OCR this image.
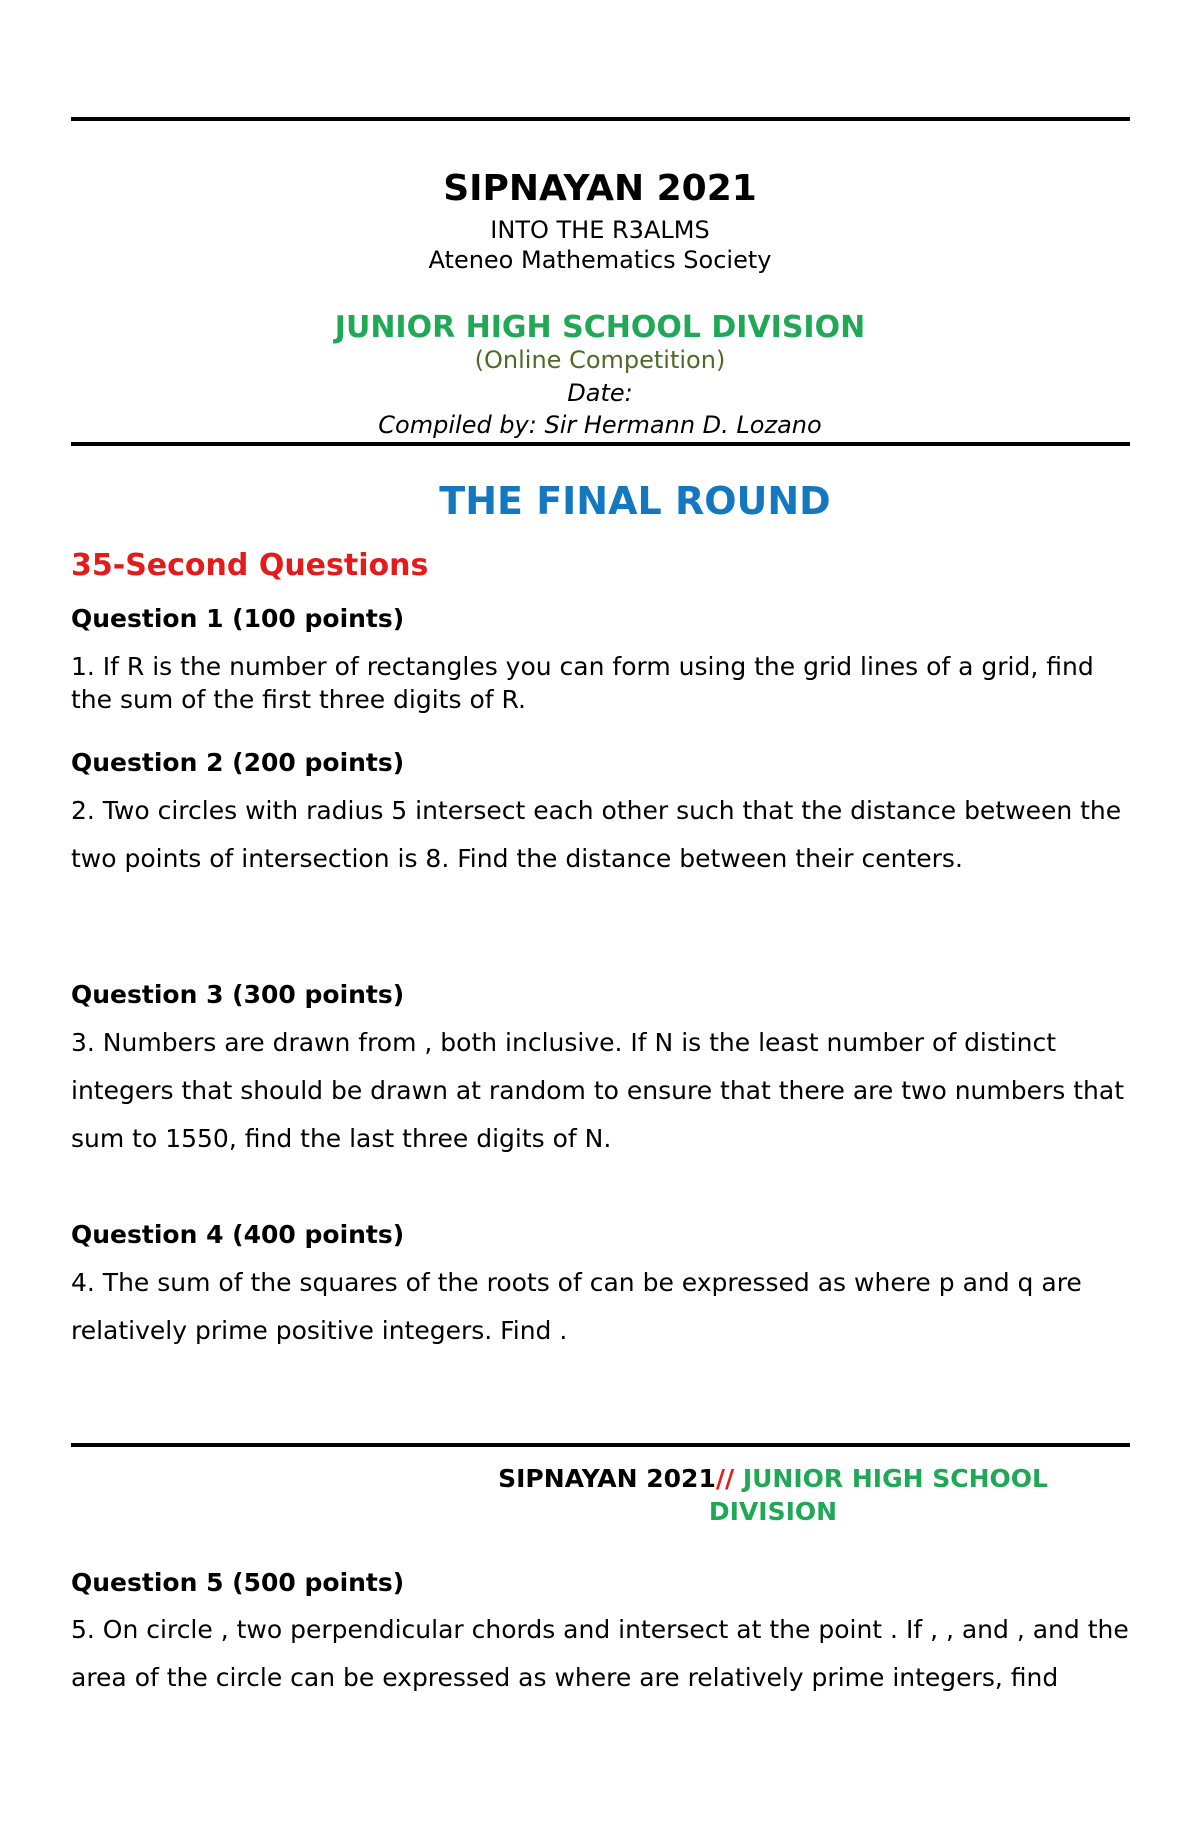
SIPNAYAN 2021
INTO THE R3ALMS
Ateneo Mathematics Society
JUNIOR HIGH SCHOOL DIVISION
(Online Competition)
Date:
Compiled by: Sir Hermann D. Lozano
THE FINAL ROUND
35-Second Questions
Question 1 (100 points)
1. If R is the number of rectangles you can form using the grid lines of a grid, find the sum of the first three digits of R.
Question 2 (200 points)
2. Two circles with radius 5 intersect each other such that the distance between the two points of intersection is 8. Find the distance between their centers.
Question 3 (300 points)
3. Numbers are drawn from , both inclusive. If N is the least number of distinct integers that should be drawn at random to ensure that there are two numbers that sum to 1550, find the last three digits of N.
Question 4 (400 points)
4. The sum of the squares of the roots of can be expressed as where p and q are relatively prime positive integers. Find .
SIPNAYAN 2021// JUNIOR HIGH SCHOOL DIVISION
Question 5 (500 points)
5. On circle , two perpendicular chords and intersect at the point . If , , and , and the area of the circle can be expressed as where are relatively prime integers, find
